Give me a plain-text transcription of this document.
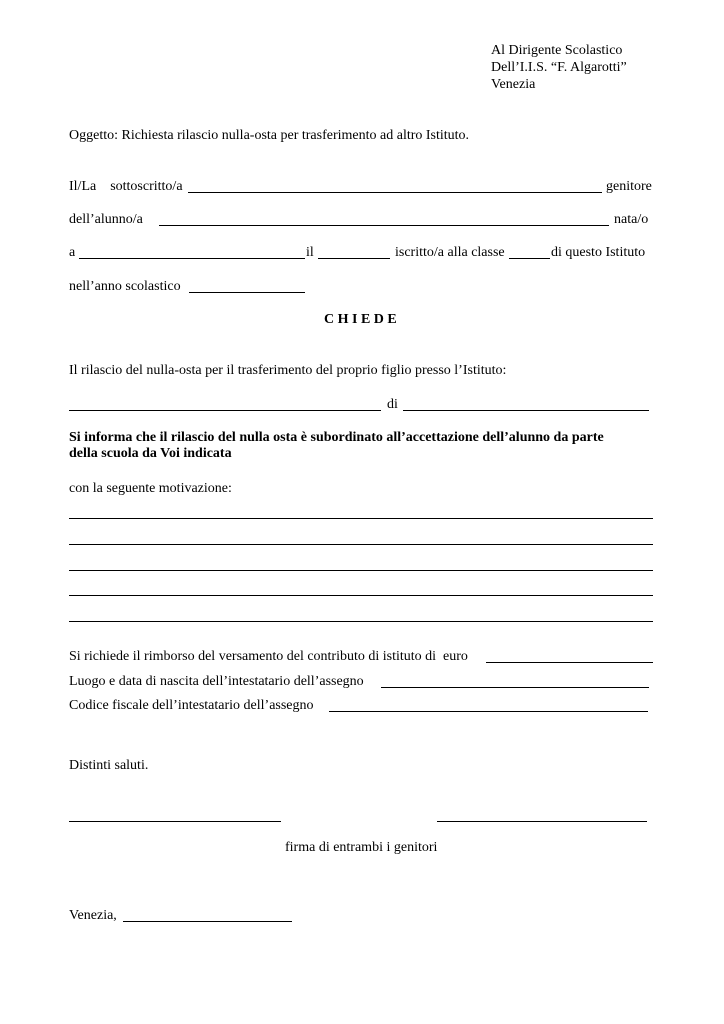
Al Dirigente Scolastico
Dell’I.I.S. “F. Algarotti”
Venezia
Oggetto: Richiesta rilascio nulla-osta per trasferimento ad altro Istituto.
Il/La    sottoscritto/a	genitore
dell’alunno/a	nata/o
a	il	iscritto/a alla classe	di questo Istituto
nell’anno scolastico
C H I E D E
Il rilascio del nulla-osta per il trasferimento del proprio figlio presso l’Istituto:
di
Si informa che il rilascio del nulla osta è subordinato all’accettazione dell’alunno da parte
della scuola da Voi indicata
con la seguente motivazione:
Si richiede il rimborso del versamento del contributo di istituto di  euro
Luogo e data di nascita dell’intestatario dell’assegno
Codice fiscale dell’intestatario dell’assegno
Distinti saluti.
firma di entrambi i genitori
Venezia,
